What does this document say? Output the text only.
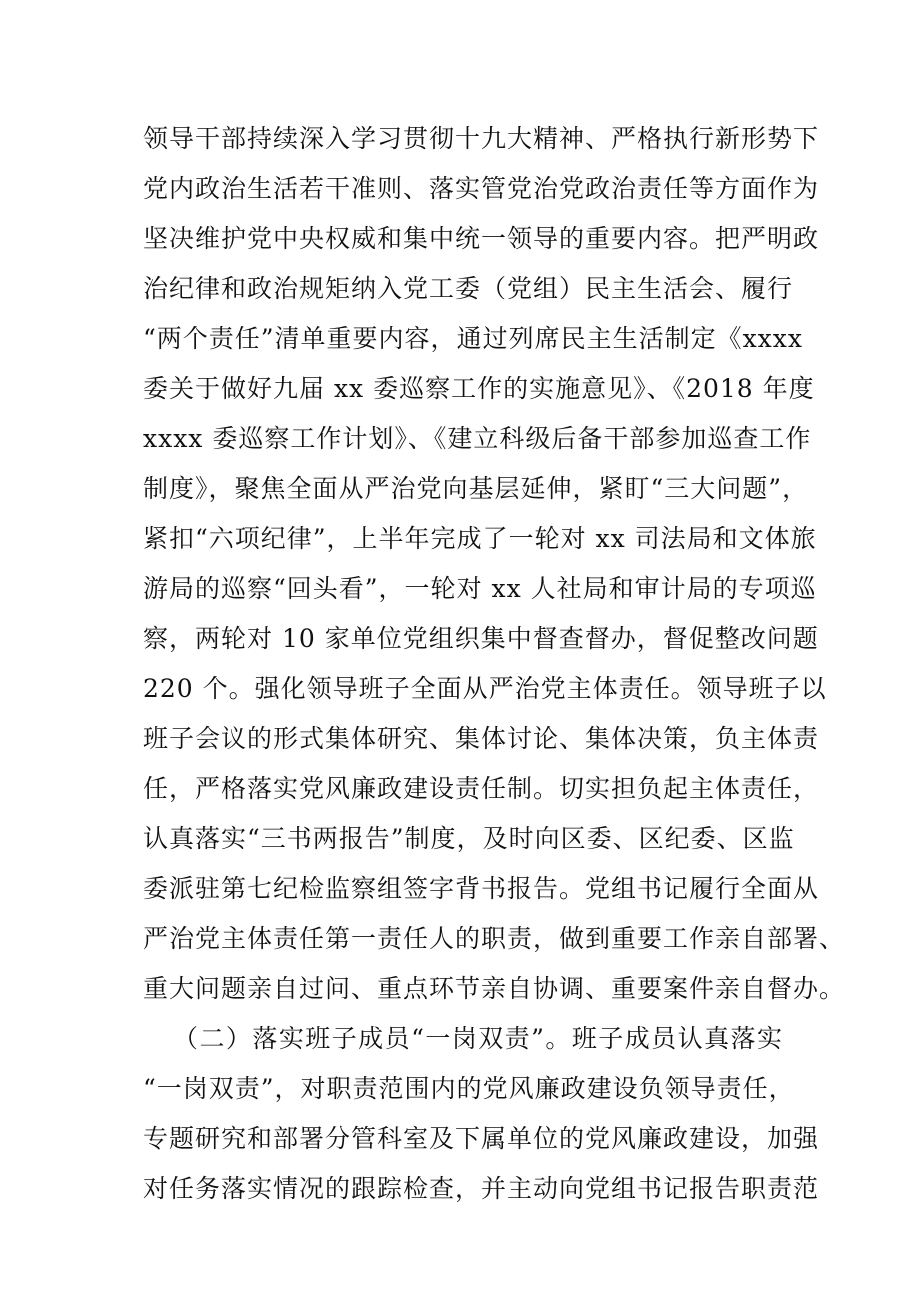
领导干部持续深入学习贯彻十九大精神、严格执行新形势下
党内政治生活若干准则、落实管党治党政治责任等方面作为
坚决维护党中央权威和集中统一领导的重要内容。把严明政
治纪律和政治规矩纳入党工委（党组）民主生活会、履行
“两个责任”清单重要内容，通过列席民主生活制定《xxxx
委关于做好九届 xx 委巡察工作的实施意见》、《2018 年度
xxxx 委巡察工作计划》、《建立科级后备干部参加巡查工作
制度》，聚焦全面从严治党向基层延伸，紧盯“三大问题”，
紧扣“六项纪律”，上半年完成了一轮对 xx 司法局和文体旅
游局的巡察“回头看”，一轮对 xx 人社局和审计局的专项巡
察，两轮对 10 家单位党组织集中督查督办，督促整改问题
220 个。强化领导班子全面从严治党主体责任。领导班子以
班子会议的形式集体研究、集体讨论、集体决策，负主体责
任，严格落实党风廉政建设责任制。切实担负起主体责任，
认真落实“三书两报告”制度，及时向区委、区纪委、区监
委派驻第七纪检监察组签字背书报告。党组书记履行全面从
严治党主体责任第一责任人的职责，做到重要工作亲自部署、
重大问题亲自过问、重点环节亲自协调、重要案件亲自督办。
（二）落实班子成员“一岗双责”。班子成员认真落实
“一岗双责”，对职责范围内的党风廉政建设负领导责任，
专题研究和部署分管科室及下属单位的党风廉政建设，加强
对任务落实情况的跟踪检查，并主动向党组书记报告职责范
